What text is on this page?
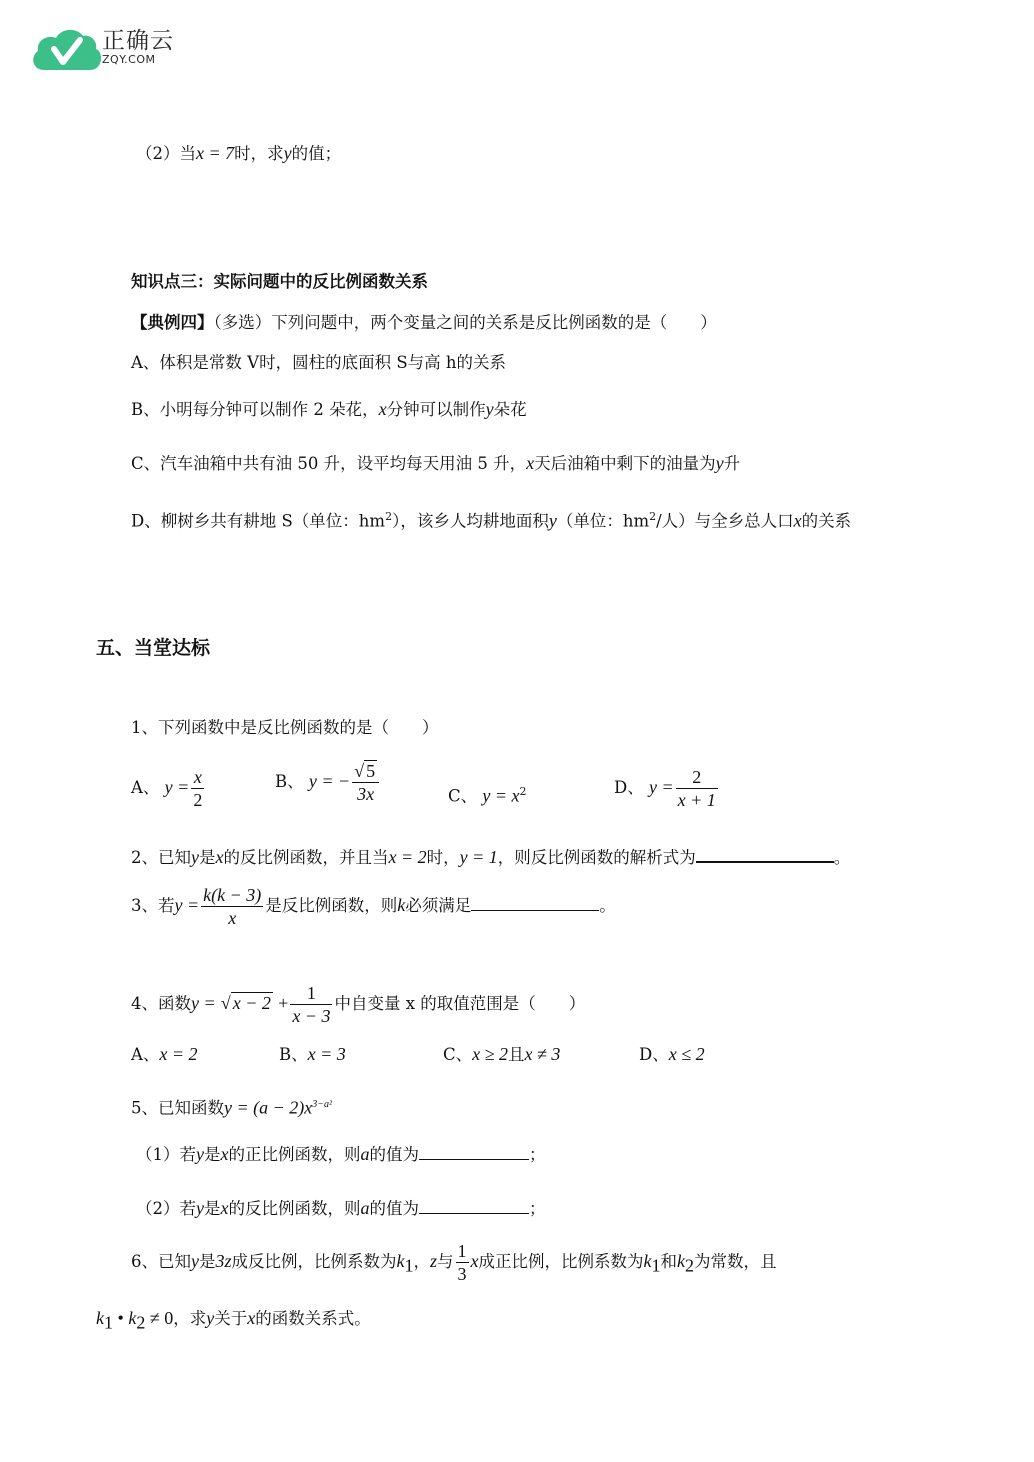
正确云
ZQY.COM
（2）当x = 7时，求y的值；
知识点三：实际问题中的反比例函数关系
【典例四】（多选）下列问题中，两个变量之间的关系是反比例函数的是（　　）
A、体积是常数 V时，圆柱的底面积 S与高 h的关系
B、小明每分钟可以制作 2 朵花，x分钟可以制作y朵花
C、汽车油箱中共有油 50 升，设平均每天用油 5 升，x天后油箱中剩下的油量为y升
D、柳树乡共有耕地 S（单位：$hm^2$），该乡人均耕地面积y（单位：$hm^2/$人）与全乡总人口x的关系
五、当堂达标
1、下列函数中是反比例函数的是（　　）
A、 $y = \frac{x}{2}$	B、 y = − $\frac{√ 5}{3x}$	C、 $y = x^2$	D、 $y = \frac{2}{x + 1}$
2、已知y是x的反比例函数，并且当x = 2时，y = 1，则反比例函数的解析式为	。
3、若$y = \frac{k(k - 3)}{x}$ 是反比例函数，则k必须满足	。
4、函数y = √ $x - 2 + \frac{1}{x - 3}$ 中自变量 x 的取值范围是（　　）
A、x = 2	B、x = 3	C、x ≥ 2且x ≠ 3	D、x ≤ 2
5、已知函数$y = (a - 2)x^{3-a^2}$
（1）若y是x的正比例函数，则a的值为	；
（2）若y是x的反比例函数，则a的值为	；
6、已知y是3z成反比例，比例系数为$k_1$，z与 $\frac{1}{3}$ x成正比例，比例系数为$k_1$和$k_2$为常数，且
$k_1$ • $k_2 \ne 0$，求y关于x的函数关系式。
